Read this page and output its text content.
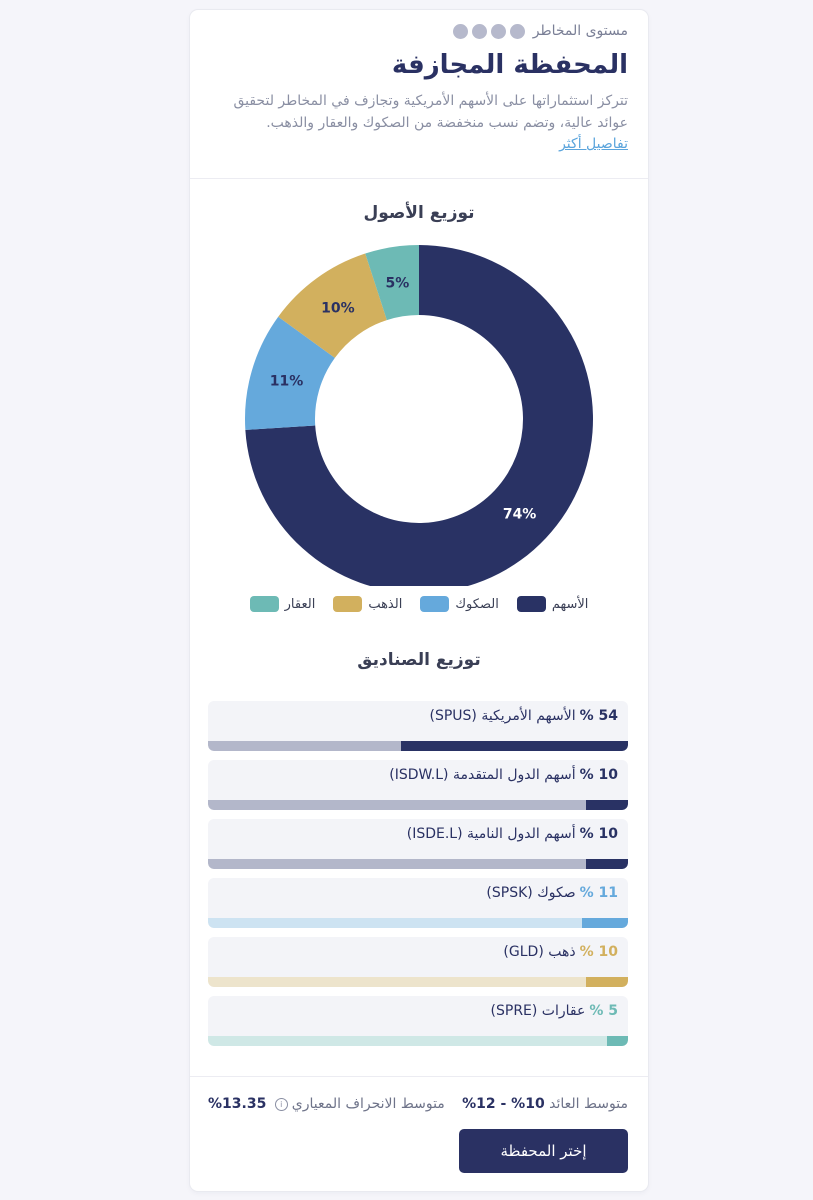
مستوى المخاطر
المحفظة المجازفة
تتركز استثماراتها على الأسهم الأمريكية وتجازف في المخاطر لتحقيق عوائد عالية، وتضم نسب منخفضة من الصكوك والعقار والذهب.
تفاصيل أكثر
توزيع الأصول
74%
11%
10%
5%
الأسهم
الصكوك
الذهب
العقار
توزيع الصناديق
54 %الأسهم الأمريكية (SPUS)
10 %أسهم الدول المتقدمة (ISDW.L)
10 %أسهم الدول النامية (ISDE.L)
11 %صكوك (SPSK)
10 %ذهب (GLD)
5 %عقارات (SPRE)
متوسط العائد 10% - 12%
متوسط الانحراف المعياريi 13.35%
إختر المحفظة
